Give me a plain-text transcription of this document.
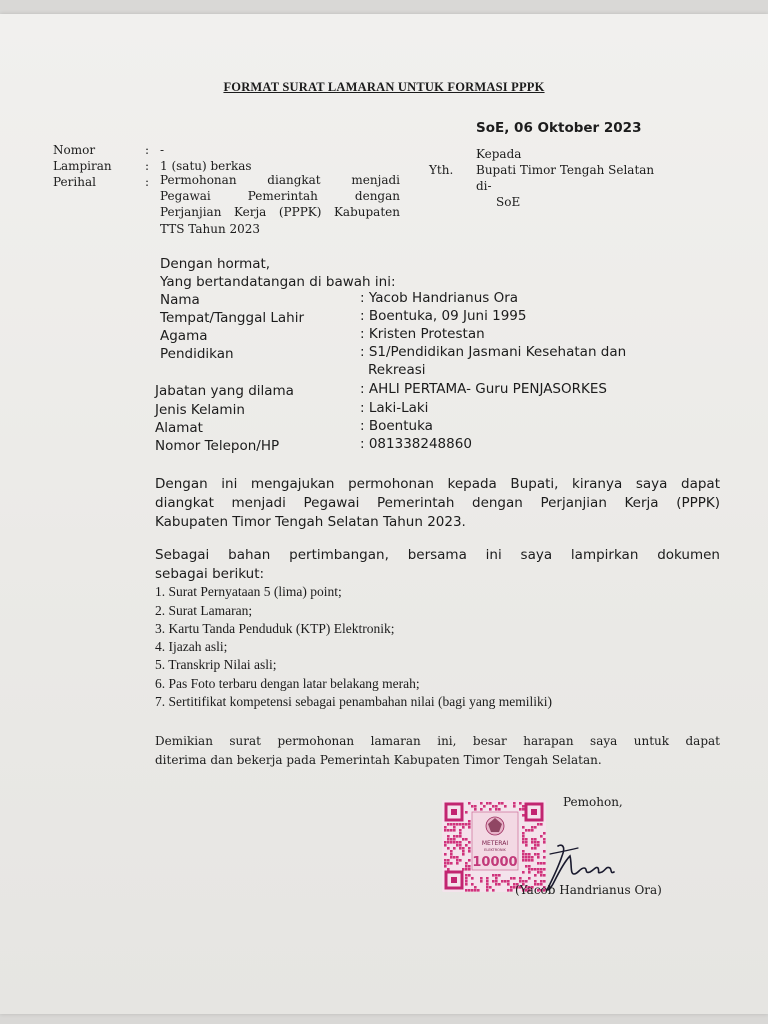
FORMAT SURAT LAMARAN UNTUK FORMASI PPPK
SoE, 06 Oktober 2023
Nomor	: -
Lampiran	: 1 (satu) berkas
Perihal	: Permohonan diangkat menjadi
Pegawai Pemerintah dengan
Perjanjian Kerja (PPPK) Kabupaten
TTS Tahun 2023
Yth.
Kepada
Bupati Timor Tengah Selatan
di-
SoE
Dengan hormat,
Yang bertandatangan di bawah ini:
Nama	: Yacob Handrianus Ora
Tempat/Tanggal Lahir	: Boentuka, 09 Juni 1995
Agama	: Kristen Protestan
Pendidikan	: S1/Pendidikan Jasmani Kesehatan dan
Rekreasi
Jabatan yang dilama	: AHLI PERTAMA- Guru PENJASORKES
Jenis Kelamin	: Laki-Laki
Alamat	: Boentuka
Nomor Telepon/HP	: 081338248860
Dengan ini mengajukan permohonan kepada Bupati, kiranya saya dapat
diangkat menjadi Pegawai Pemerintah dengan Perjanjian Kerja (PPPK)
Kabupaten Timor Tengah Selatan Tahun 2023.
Sebagai bahan pertimbangan, bersama ini saya lampirkan dokumen
sebagai berikut:
1. Surat Pernyataan 5 (lima) point;
2. Surat Lamaran;
3. Kartu Tanda Penduduk (KTP) Elektronik;
4. Ijazah asli;
5. Transkrip Nilai asli;
6. Pas Foto terbaru dengan latar belakang merah;
7. Sertitifikat kompetensi sebagai penambahan nilai (bagi yang memiliki)
Demikian surat permohonan lamaran ini, besar harapan saya untuk dapat
diterima dan bekerja pada Pemerintah Kabupaten Timor Tengah Selatan.
Pemohon,
METERAI
ELEKTRONIK
10000
(Yacob Handrianus Ora)
